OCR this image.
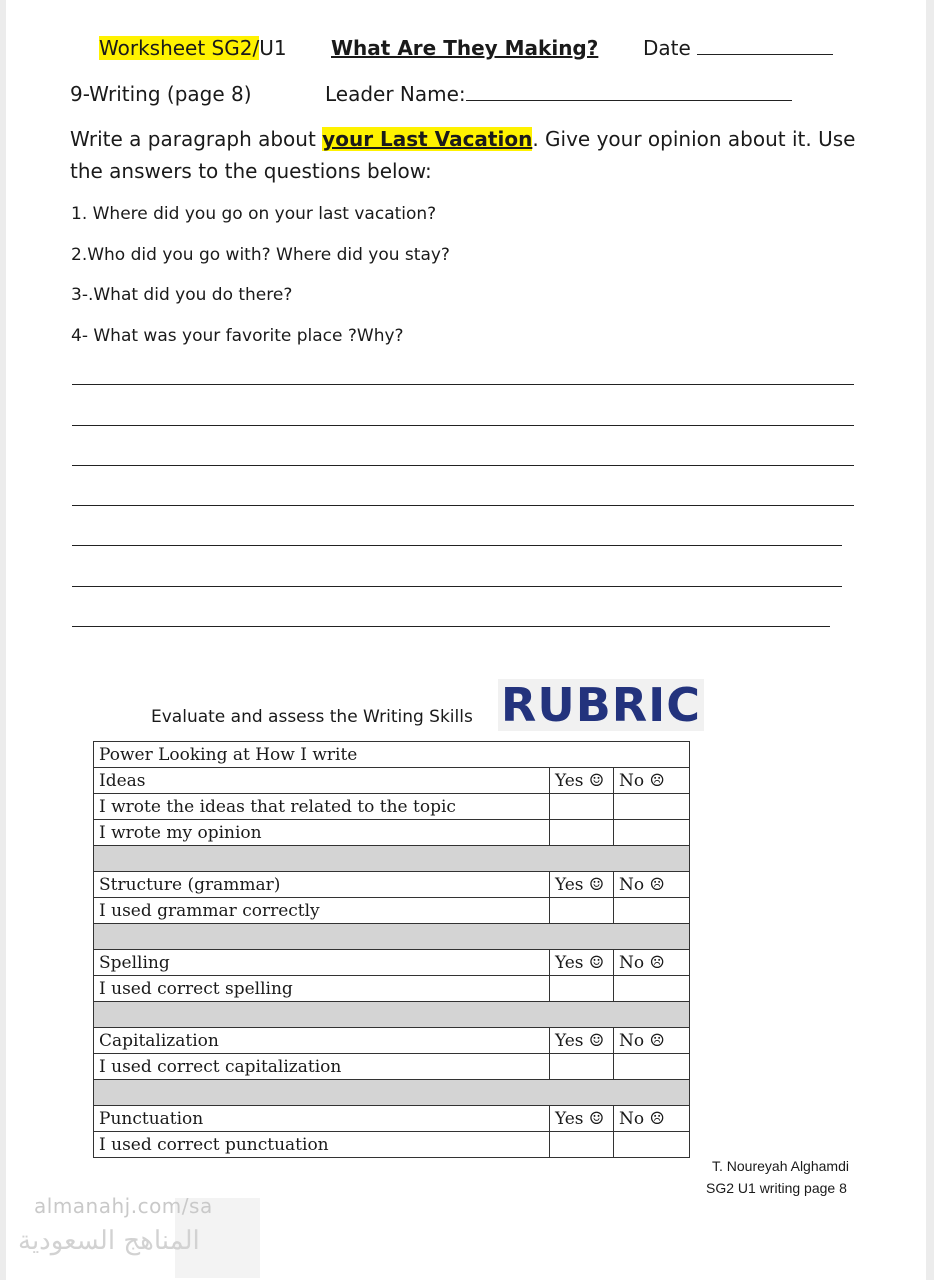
Worksheet SG2/U1 What Are They Making? Date
9-Writing (page 8)	Leader Name:
Write a paragraph about your Last Vacation. Give your opinion about it. Use
the answers to the questions below:
1. Where did you go on your last vacation?
2.Who did you go with? Where did you stay?
3-.What did you do there?
4- What was your favorite place ?Why?
Evaluate and assess the Writing Skills RUBRIC
Power Looking at How I write		
Ideas	Yes ☺	No ☹
I wrote the ideas that related to the topic		
I wrote my opinion		

Structure (grammar)	Yes ☺	No ☹
I used grammar correctly		

Spelling	Yes ☺	No ☹
I used correct spelling		

Capitalization	Yes ☺	No ☹
I used correct capitalization		

Punctuation	Yes ☺	No ☹
I used correct punctuation		
T. Noureyah Alghamdi
SG2 U1 writing page 8
almanahj.com/sa
المناهج السعودية
